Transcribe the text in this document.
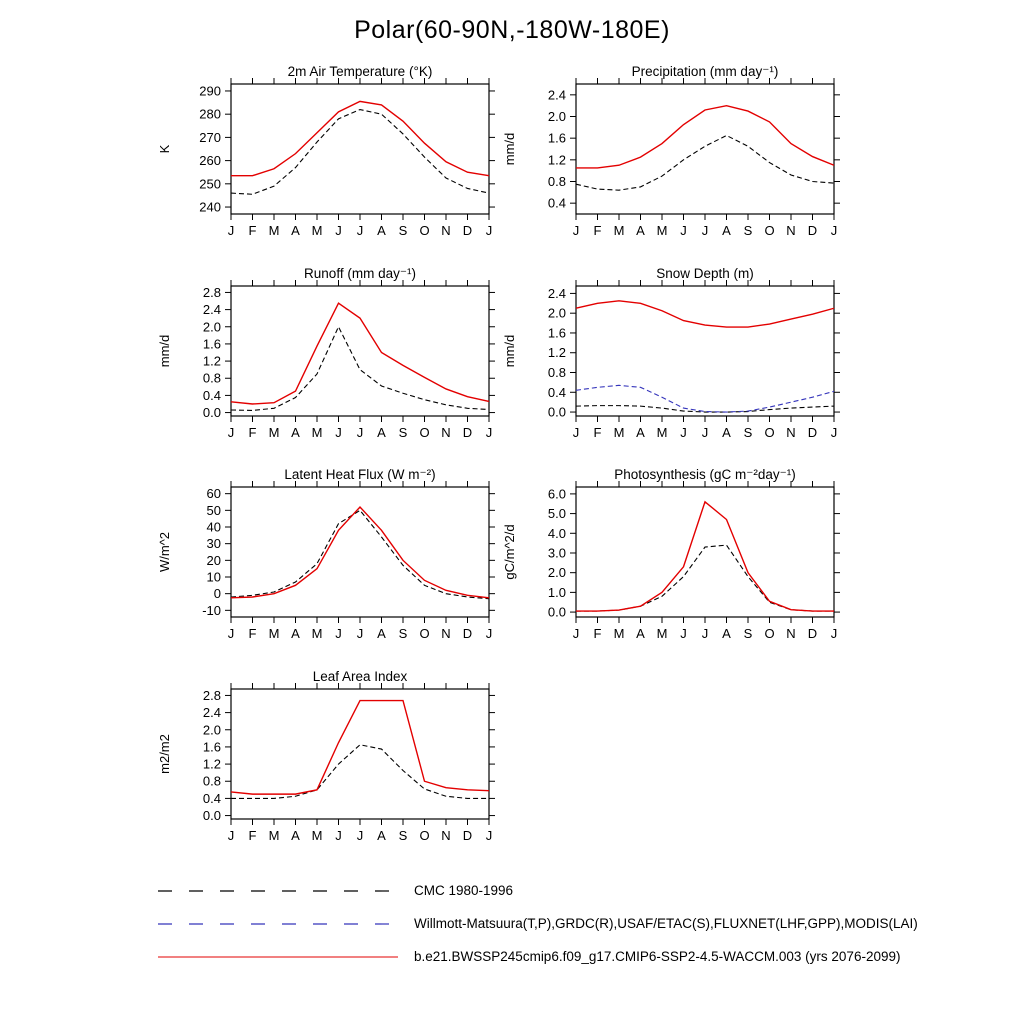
Polar(60-90N,-180W-180E)
2m Air Temperature (°K)
240
250
260
270
280
290
J F M A M J J A S O N D J
K
Precipitation (mm day⁻¹)
0.4
0.8
1.2
1.6
2.0
2.4
J F M A M J J A S O N D J
mm/d
Runoff (mm day⁻¹)
0.0
0.4
0.8
1.2
1.6
2.0
2.4
2.8
J F M A M J J A S O N D J
mm/d
Snow Depth (m)
0.0
0.4
0.8
1.2
1.6
2.0
2.4
J F M A M J J A S O N D J
mm/d
Latent Heat Flux (W m⁻²)
-10
0
10
20
30
40
50
60
J F M A M J J A S O N D J
W/m^2
Photosynthesis (gC m⁻²day⁻¹)
0.0
1.0
2.0
3.0
4.0
5.0
6.0
J F M A M J J A S O N D J
gC/m^2/d
Leaf Area Index
0.0
0.4
0.8
1.2
1.6
2.0
2.4
2.8
J F M A M J J A S O N D J
m2/m2
CMC 1980-1996
Willmott-Matsuura(T,P),GRDC(R),USAF/ETAC(S),FLUXNET(LHF,GPP),MODIS(LAI)
b.e21.BWSSP245cmip6.f09_g17.CMIP6-SSP2-4.5-WACCM.003 (yrs 2076-2099)
